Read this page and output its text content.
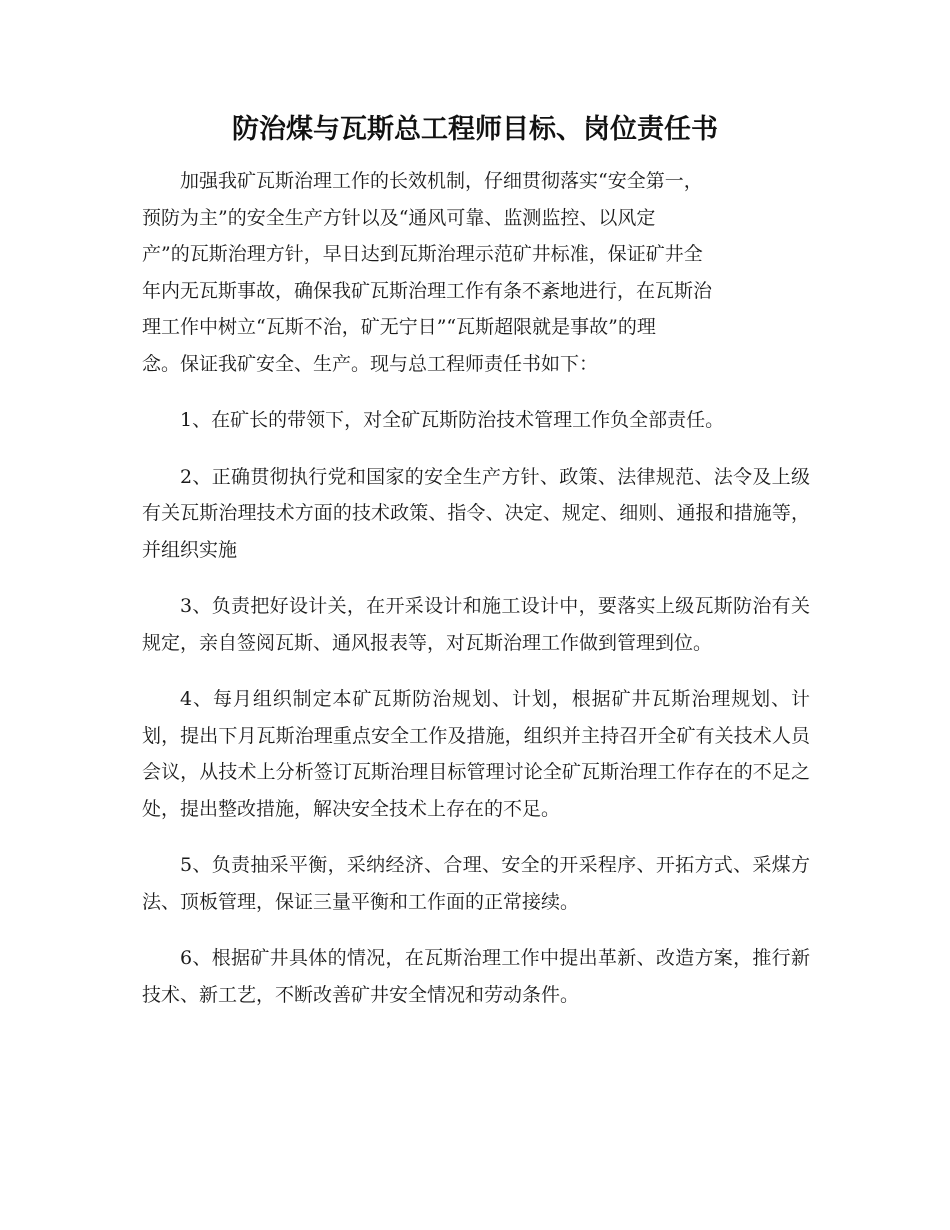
防治煤与瓦斯总工程师目标、岗位责任书
加强我矿瓦斯治理工作的长效机制，仔细贯彻落实“安全第一，
预防为主”的安全生产方针以及“通风可靠、监测监控、以风定
产”的瓦斯治理方针，早日达到瓦斯治理示范矿井标准，保证矿井全
年内无瓦斯事故，确保我矿瓦斯治理工作有条不紊地进行，在瓦斯治
理工作中树立“瓦斯不治，矿无宁日”“瓦斯超限就是事故”的理
念。保证我矿安全、生产。现与总工程师责任书如下：

1、在矿长的带领下，对全矿瓦斯防治技术管理工作负全部责任。

2、正确贯彻执行党和国家的安全生产方针、政策、法律规范、法令及上级有关瓦斯治理技术方面的技术政策、指令、决定、规定、细则、通报和措施等，并组织实施

3、负责把好设计关，在开采设计和施工设计中，要落实上级瓦斯防治有关规定，亲自签阅瓦斯、通风报表等，对瓦斯治理工作做到管理到位。

4、每月组织制定本矿瓦斯防治规划、计划，根据矿井瓦斯治理规划、计划，提出下月瓦斯治理重点安全工作及措施，组织并主持召开全矿有关技术人员会议，从技术上分析签订瓦斯治理目标管理讨论全矿瓦斯治理工作存在的不足之处，提出整改措施，解决安全技术上存在的不足。

5、负责抽采平衡，采纳经济、合理、安全的开采程序、开拓方式、采煤方法、顶板管理，保证三量平衡和工作面的正常接续。

6、根据矿井具体的情况，在瓦斯治理工作中提出革新、改造方案，推行新技术、新工艺，不断改善矿井安全情况和劳动条件。
